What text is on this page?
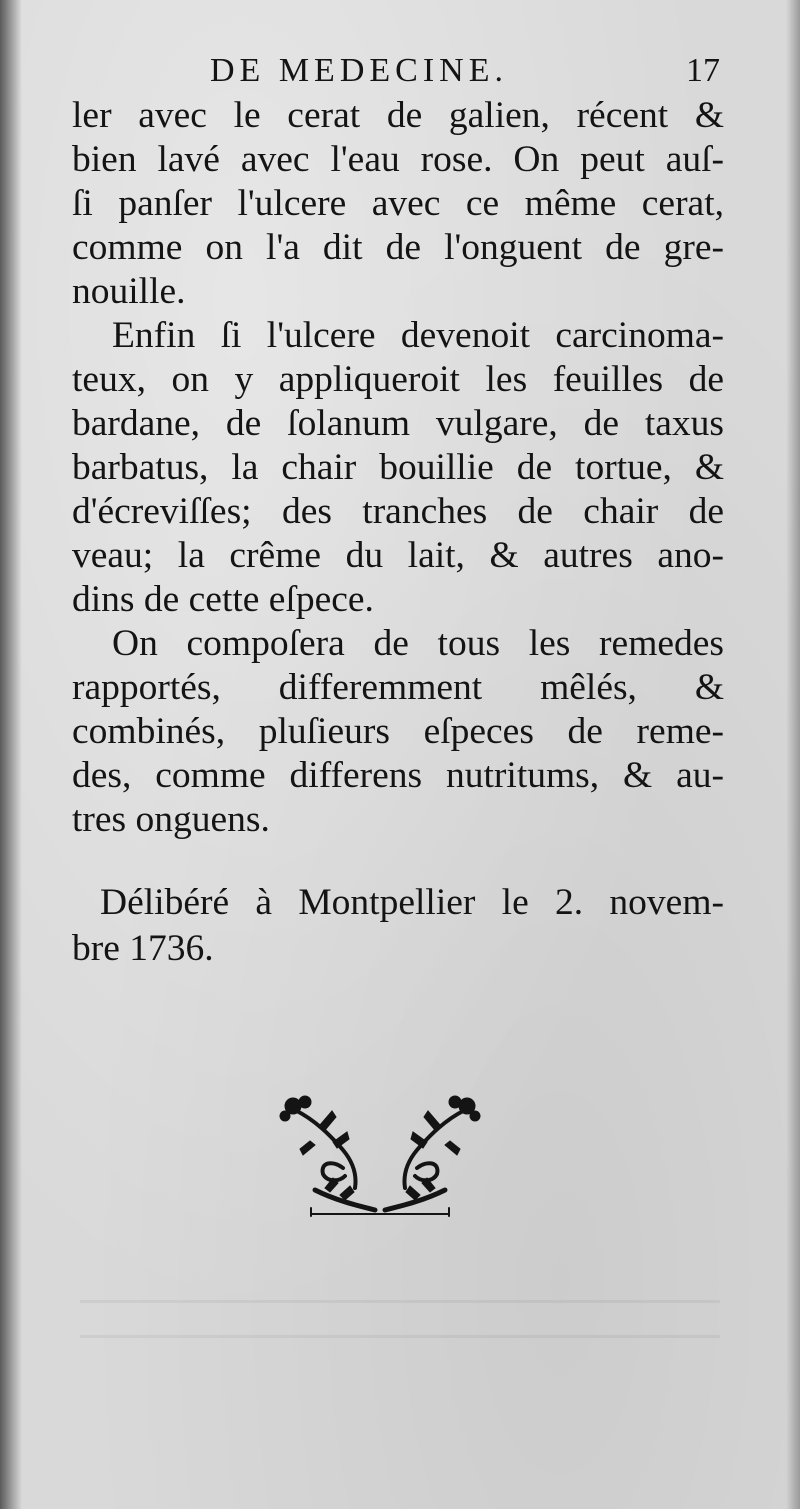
DE MEDECINE.	17
ler avec le cerat de galien, récent &
bien lavé avec l'eau rose. On peut auſ-
ſi panſer l'ulcere avec ce même cerat,
comme on l'a dit de l'onguent de gre-
nouille.
Enfin ſi l'ulcere devenoit carcinoma-
teux, on y appliqueroit les feuilles de
bardane, de ſolanum vulgare, de taxus
barbatus, la chair bouillie de tortue, &
d'écreviſſes; des tranches de chair de
veau; la crême du lait, & autres ano-
dins de cette eſpece.
On compoſera de tous les remedes
rapportés, differemment mêlés, &
combinés, pluſieurs eſpeces de reme-
des, comme differens nutritums, & au-
tres onguens.
Délibéré à Montpellier le 2. novem-
bre 1736.
